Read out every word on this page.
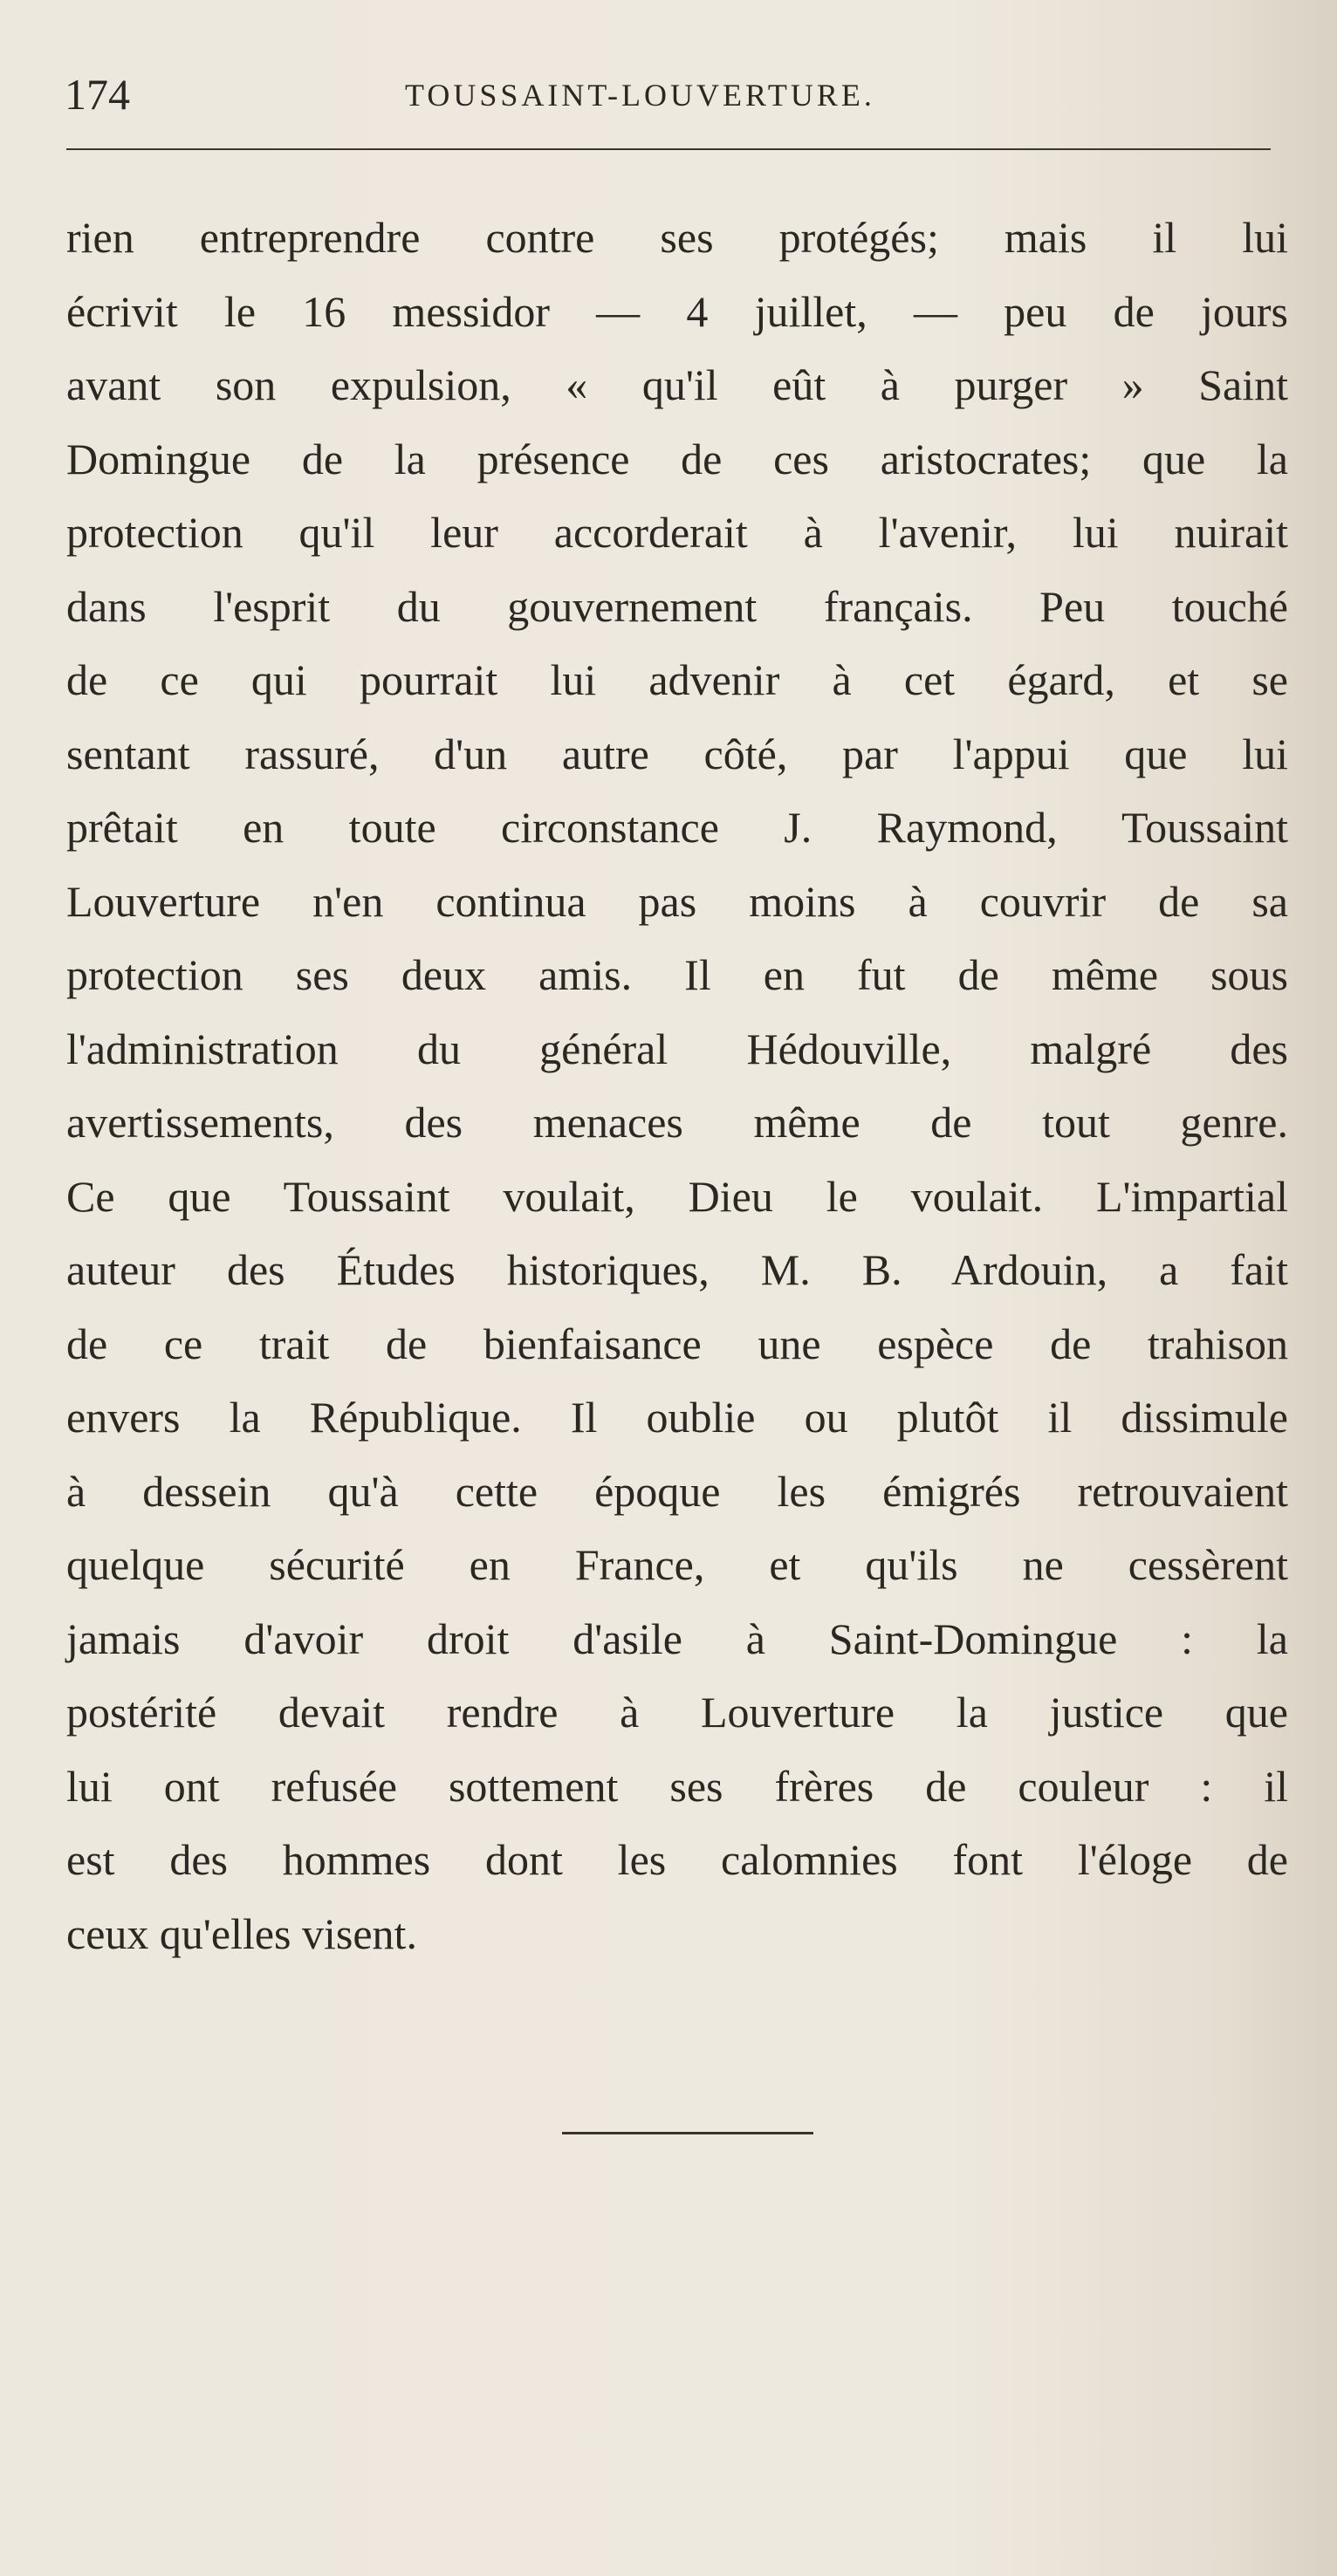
174	TOUSSAINT-LOUVERTURE.
rien entreprendre contre ses protégés; mais il lui
écrivit le 16 messidor — 4 juillet, — peu de jours
avant son expulsion, « qu'il eût à purger » Saint
Domingue de la présence de ces aristocrates; que la
protection qu'il leur accorderait à l'avenir, lui nuirait
dans l'esprit du gouvernement français. Peu touché
de ce qui pourrait lui advenir à cet égard, et se
sentant rassuré, d'un autre côté, par l'appui que lui
prêtait en toute circonstance J. Raymond, Toussaint
Louverture n'en continua pas moins à couvrir de sa
protection ses deux amis. Il en fut de même sous
l'administration du général Hédouville, malgré des
avertissements, des menaces même de tout genre.
Ce que Toussaint voulait, Dieu le voulait. L'impartial
auteur des Études historiques, M. B. Ardouin, a fait
de ce trait de bienfaisance une espèce de trahison
envers la République. Il oublie ou plutôt il dissimule
à dessein qu'à cette époque les émigrés retrouvaient
quelque sécurité en France, et qu'ils ne cessèrent
jamais d'avoir droit d'asile à Saint-Domingue : la
postérité devait rendre à Louverture la justice que
lui ont refusée sottement ses frères de couleur : il
est des hommes dont les calomnies font l'éloge de
ceux qu'elles visent.
